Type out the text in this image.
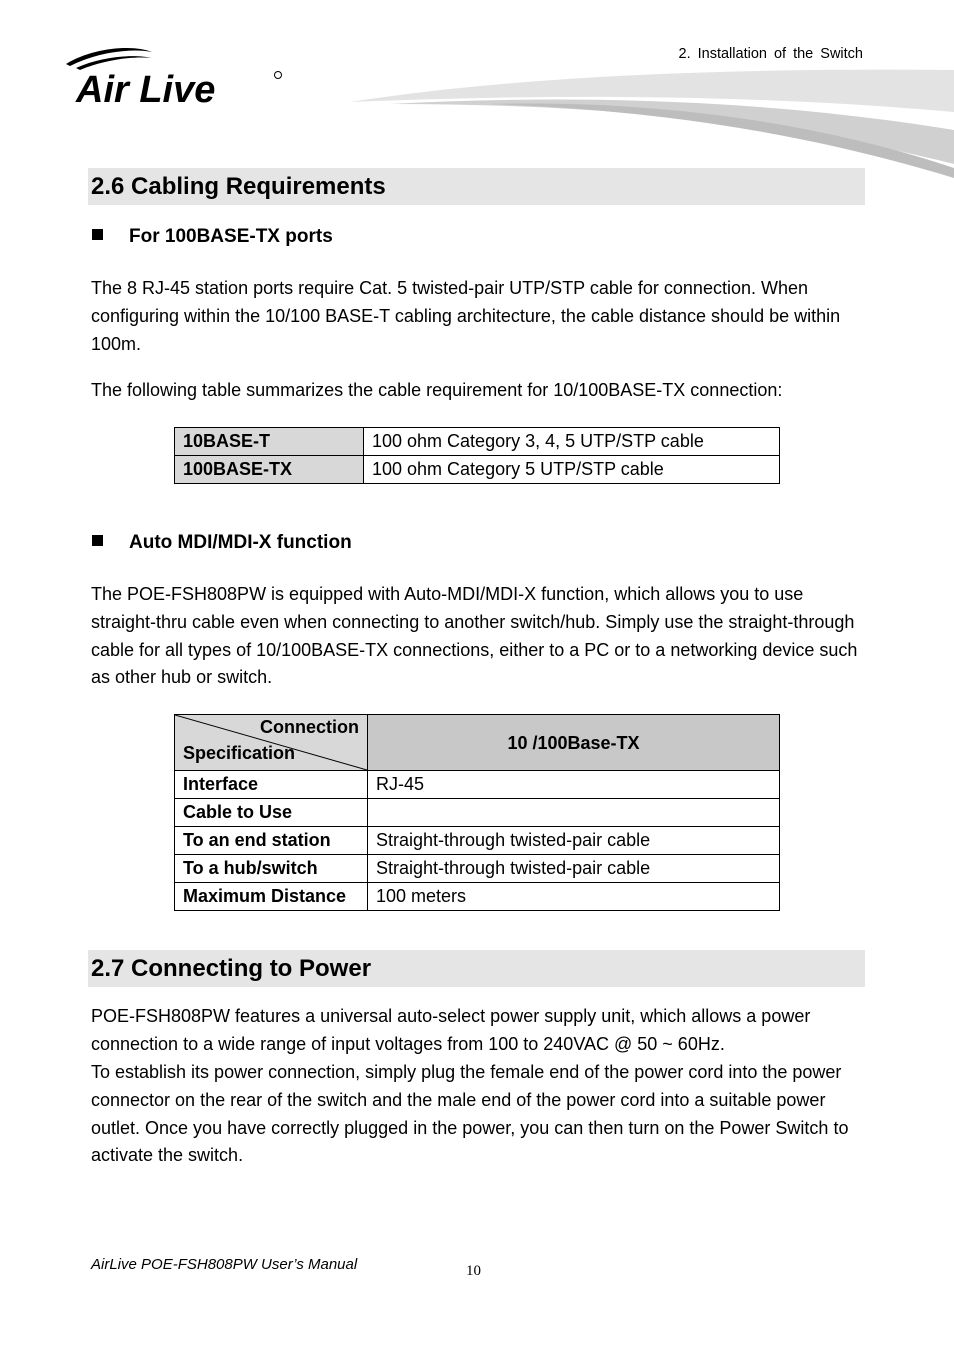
Air Live
2. Installation of the Switch
2.6 Cabling Requirements
For 100BASE-TX ports
The 8 RJ-45 station ports require Cat. 5 twisted-pair UTP/STP cable for connection. When configuring within the 10/100 BASE-T cabling architecture, the cable distance should be within 100m.
The following table summarizes the cable requirement for 10/100BASE-TX connection:
10BASE-T	100 ohm Category 3, 4, 5 UTP/STP cable
100BASE-TX	100 ohm Category 5 UTP/STP cable
Auto MDI/MDI-X function
The POE-FSH808PW is equipped with Auto-MDI/MDI-X function, which allows you to use straight-thru cable even when connecting to another switch/hub. Simply use the straight-through cable for all types of 10/100BASE-TX connections, either to a PC or to a networking device such as other hub or switch.
Connection
Specification	10 /100Base-TX
Interface	RJ-45
Cable to Use	
To an end station	Straight-through twisted-pair cable
To a hub/switch	Straight-through twisted-pair cable
Maximum Distance	100 meters
2.7 Connecting to Power
POE-FSH808PW features a universal auto-select power supply unit, which allows a power connection to a wide range of input voltages from 100 to 240VAC @ 50 ~ 60Hz.
To establish its power connection, simply plug the female end of the power cord into the power connector on the rear of the switch and the male end of the power cord into a suitable power outlet. Once you have correctly plugged in the power, you can then turn on the Power Switch to activate the switch.
AirLive POE-FSH808PW User’s Manual	10
